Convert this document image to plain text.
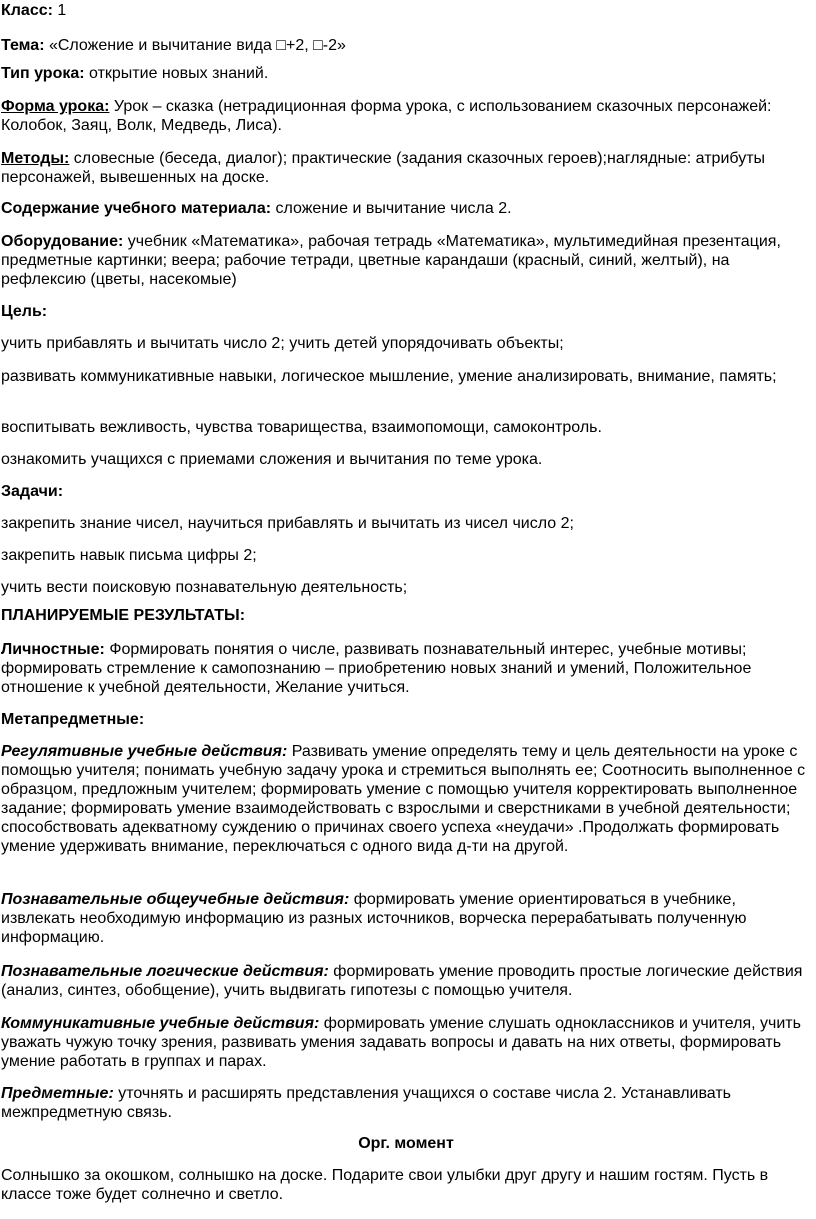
Класс: 1

Тема: «Сложение и вычитание вида □+2, □-2»

Тип урока: открытие новых знаний.

Форма урока: Урок – сказка (нетрадиционная форма урока, с использованием сказочных персонажей: Колобок, Заяц, Волк, Медведь, Лиса).

Методы: словесные (беседа, диалог); практические (задания сказочных героев);наглядные: атрибуты персонажей, вывешенных на доске.

Содержание учебного материала: сложение и вычитание числа 2.

Оборудование: учебник «Математика», рабочая тетрадь «Математика», мультимедийная презентация, предметные картинки; веера; рабочие тетради, цветные карандаши (красный, синий, желтый), на рефлексию (цветы, насекомые)

Цель:

учить прибавлять и вычитать число 2; учить детей упорядочивать объекты;

развивать коммуникативные навыки, логическое мышление, умение анализировать, внимание, память;

воспитывать вежливость, чувства товарищества, взаимопомощи, самоконтроль.

ознакомить учащихся с приемами сложения и вычитания по теме урока.

Задачи:

закрепить знание чисел, научиться прибавлять и вычитать из чисел число 2;

закрепить навык письма цифры 2;

учить вести поисковую познавательную деятельность;

ПЛАНИРУЕМЫЕ РЕЗУЛЬТАТЫ:

Личностные: Формировать понятия о числе, развивать познавательный интерес, учебные мотивы; формировать стремление к самопознанию – приобретению новых знаний и умений, Положительное отношение к учебной деятельности, Желание учиться.

Метапредметные:

Регулятивные учебные действия: Развивать умение определять тему и цель деятельности на уроке с помощью учителя; понимать учебную задачу урока и стремиться выполнять ее; Соотносить выполненное с образцом, предложным учителем; формировать умение с помощью учителя корректировать выполненное задание; формировать умение взаимодействовать с взрослыми и сверстниками в учебной деятельности; способствовать адекватному суждению о причинах своего успеха «неудачи» .Продолжать формировать умение удерживать внимание, переключаться с одного вида д-ти на другой.

Познавательные общеучебные действия: формировать умение ориентироваться в учебнике, извлекать необходимую информацию из разных источников, ворческа перерабатывать полученную информацию.

Познавательные логические действия: формировать умение проводить простые логические действия (анализ, синтез, обобщение), учить выдвигать гипотезы с помощью учителя.

Коммуникативные учебные действия: формировать умение слушать одноклассников и учителя, учить уважать чужую точку зрения, развивать умения задавать вопросы и давать на них ответы, формировать умение работать в группах и парах.

Предметные: уточнять и расширять представления учащихся о составе числа 2. Устанавливать межпредметную связь.

Орг. момент

Солнышко за окошком, солнышко на доске. Подарите свои улыбки друг другу и нашим гостям. Пусть в классе тоже будет солнечно и светло.
